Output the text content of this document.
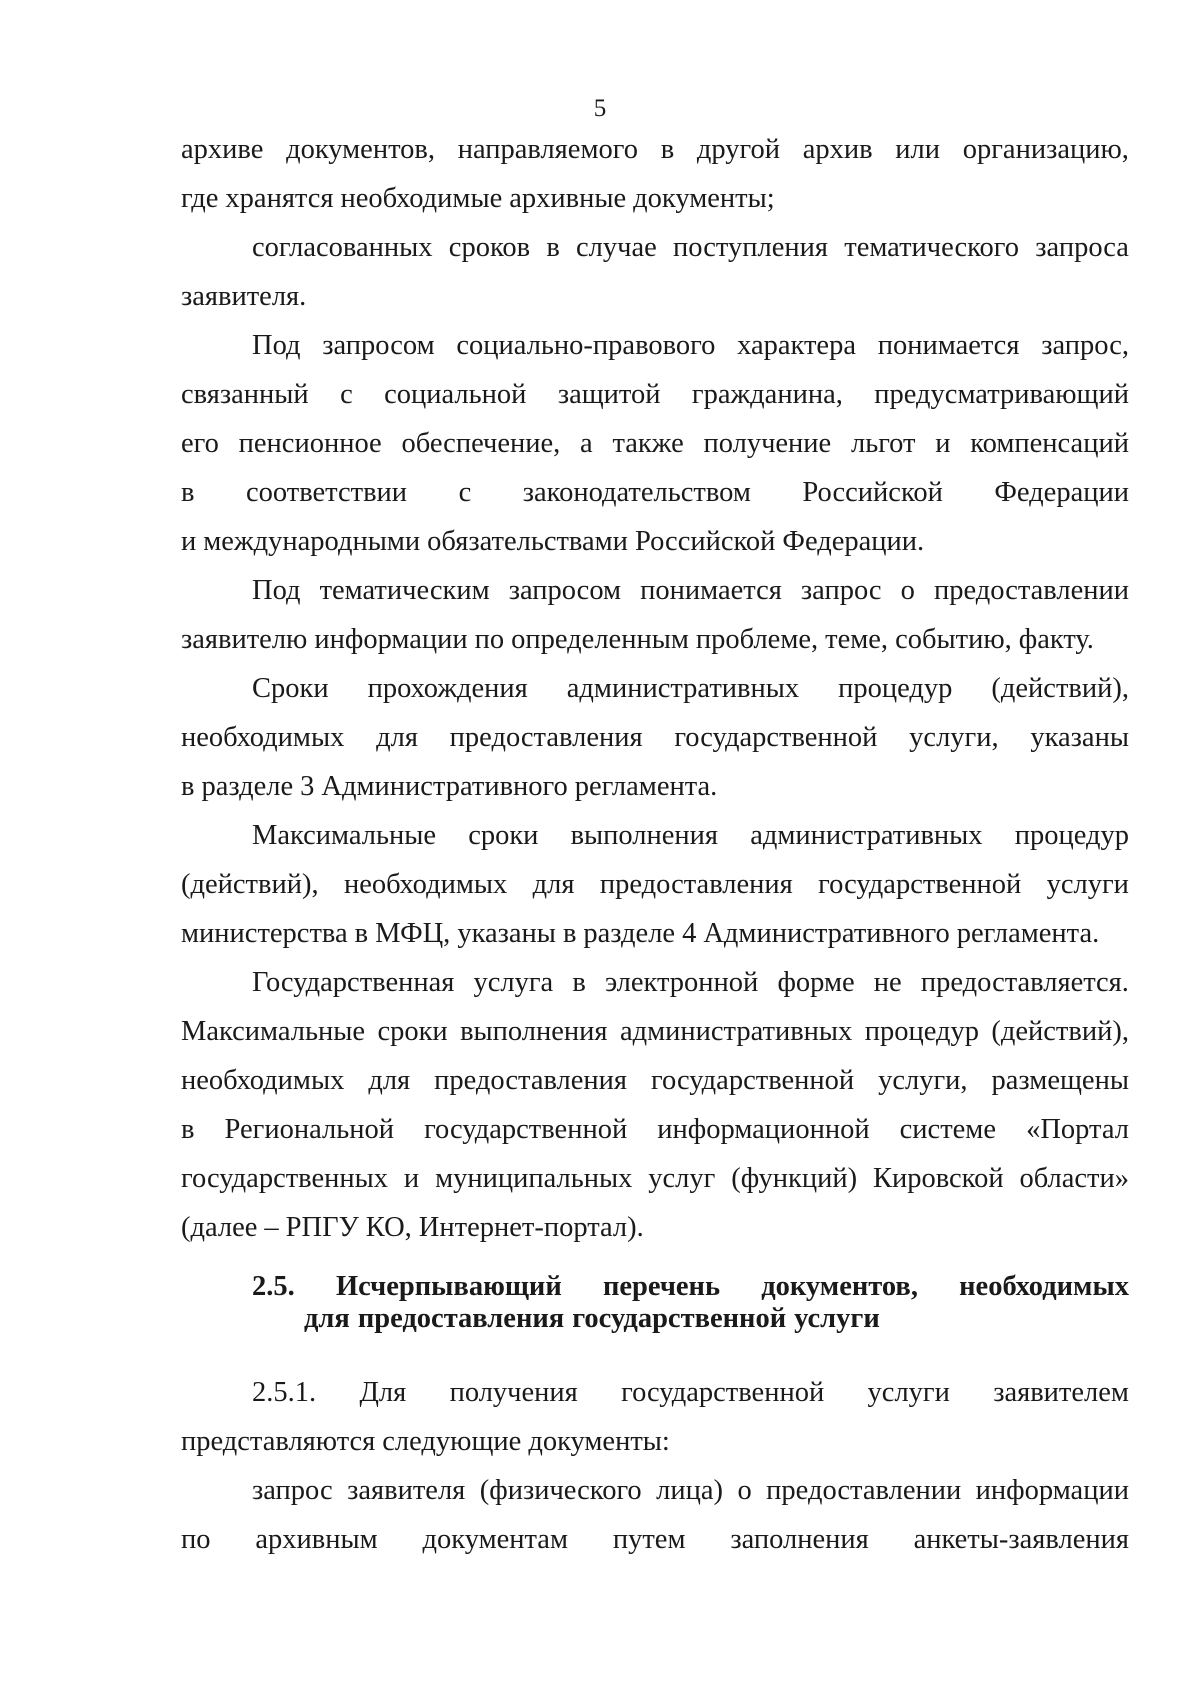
5
архиве документов, направляемого в другой архив или организацию,
где хранятся необходимые архивные документы;
согласованных сроков в случае поступления тематического запроса
заявителя.
Под запросом социально-правового характера понимается запрос,
связанный с социальной защитой гражданина, предусматривающий
его пенсионное обеспечение, а также получение льгот и компенсаций
в соответствии с законодательством Российской Федерации
и международными обязательствами Российской Федерации.
Под тематическим запросом понимается запрос о предоставлении
заявителю информации по определенным проблеме, теме, событию, факту.
Сроки прохождения административных процедур (действий),
необходимых для предоставления государственной услуги, указаны
в разделе 3 Административного регламента.
Максимальные сроки выполнения административных процедур
(действий), необходимых для предоставления государственной услуги
министерства в МФЦ, указаны в разделе 4 Административного регламента.
Государственная услуга в электронной форме не предоставляется.
Максимальные сроки выполнения административных процедур (действий),
необходимых для предоставления государственной услуги, размещены
в Региональной государственной информационной системе «Портал
государственных и муниципальных услуг (функций) Кировской области»
(далее – РПГУ КО, Интернет-портал).
2.5. Исчерпывающий перечень документов, необходимых
для предоставления государственной услуги
2.5.1. Для получения государственной услуги заявителем
представляются следующие документы:
запрос заявителя (физического лица) о предоставлении информации
по архивным документам путем заполнения анкеты-заявления
